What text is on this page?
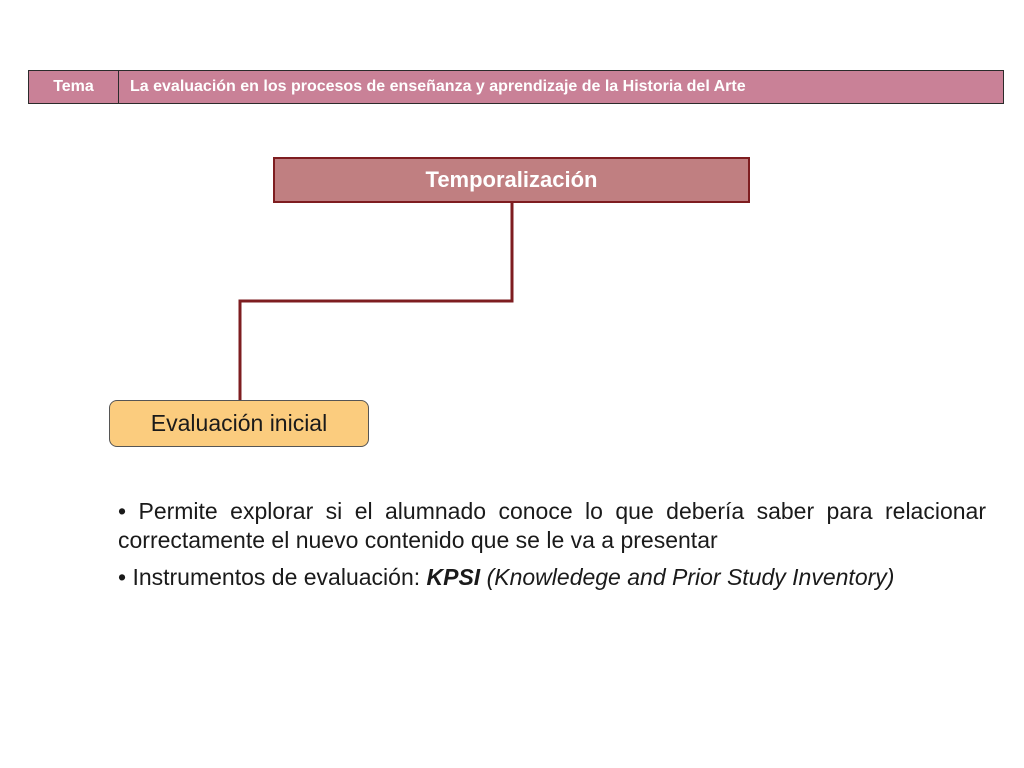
Tema	La evaluación en los procesos de enseñanza y aprendizaje de la Historia del Arte
Temporalización
Evaluación inicial
• Permite explorar si el alumnado conoce lo que debería saber para relacionar correctamente el nuevo contenido que se le va a presentar
• Instrumentos de evaluación: KPSI (Knowledege and Prior Study Inventory)
